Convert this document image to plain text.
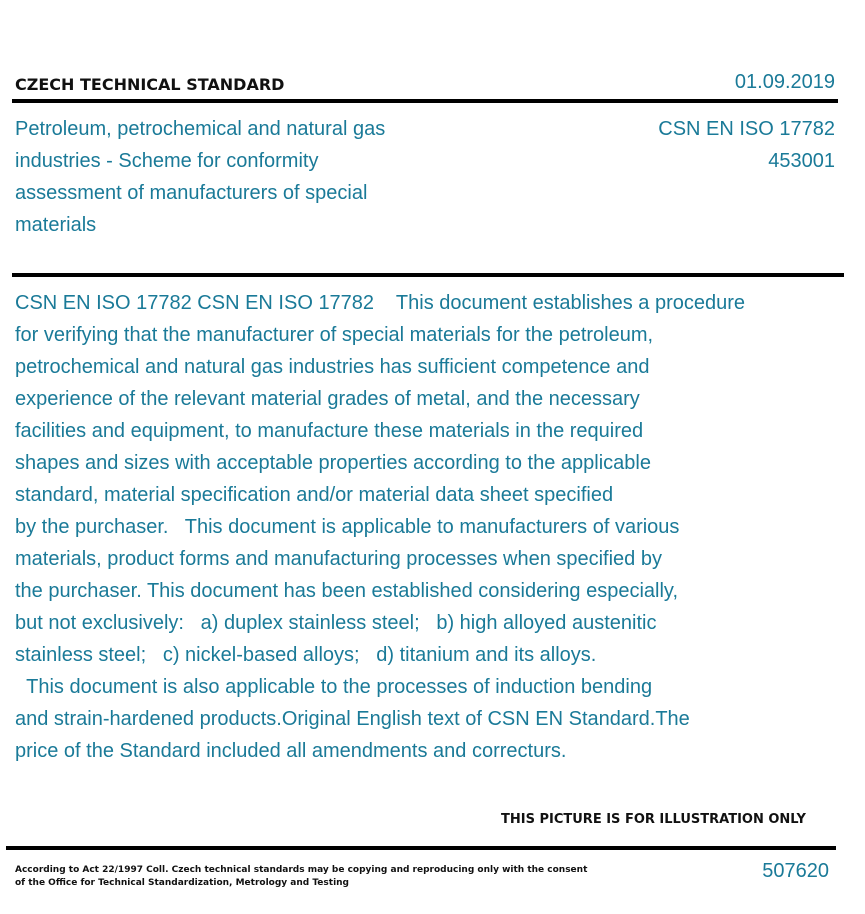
CZECH TECHNICAL STANDARD	01.09.2019
Petroleum, petrochemical and natural gas industries - Scheme for conformity assessment of manufacturers of special materials
CSN EN ISO 17782
453001
CSN EN ISO 17782 CSN EN ISO 17782    This document establishes a procedure
for verifying that the manufacturer of special materials for the petroleum,
petrochemical and natural gas industries has sufficient competence and
experience of the relevant material grades of metal, and the necessary
facilities and equipment, to manufacture these materials in the required
shapes and sizes with acceptable properties according to the applicable
standard, material specification and/or material data sheet specified
by the purchaser.   This document is applicable to manufacturers of various
materials, product forms and manufacturing processes when specified by
the purchaser. This document has been established considering especially,
but not exclusively:   a) duplex stainless steel;   b) high alloyed austenitic
stainless steel;   c) nickel-based alloys;   d) titanium and its alloys.
This document is also applicable to the processes of induction bending
and strain-hardened products.Original English text of CSN EN Standard.The
price of the Standard included all amendments and correcturs.
THIS PICTURE IS FOR ILLUSTRATION ONLY
According to Act 22/1997 Coll. Czech technical standards may be copying and reproducing only with the consent of the Office for Technical Standardization, Metrology and Testing
507620
